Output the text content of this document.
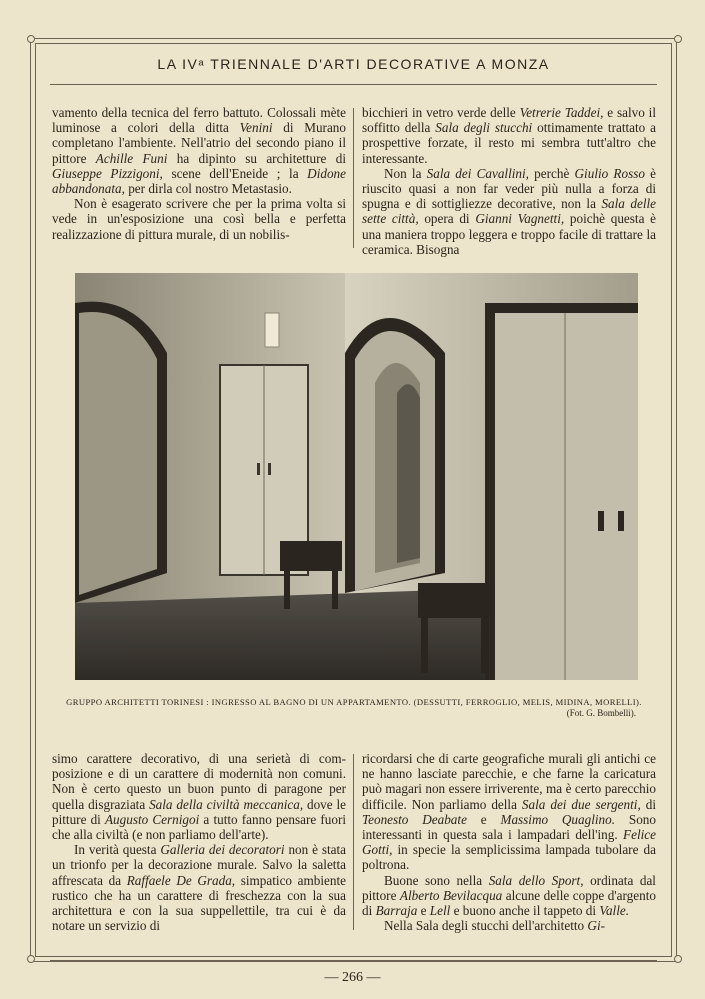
LA IVᵃ TRIENNALE D'ARTI DECORATIVE A MONZA

vamento della tecnica del ferro battuto. Colossali mète luminose a colori della ditta Venini di Murano completano l'ambiente. Nell'atrio del secondo piano il pittore Achille Funi ha dipinto su architetture di Giuseppe Pizzigoni, scene dell'Eneide ; la Didone abbandonata, per dirla col nostro Metastasio.

Non è esagerato scrivere che per la prima volta si vede in un'esposizione una così bella e perfetta realizzazione di pittura murale, di un nobilis-

bicchieri in vetro verde delle Vetrerie Taddei, e salvo il soffitto della Sala degli stucchi ottimamente trattato a prospettive forzate, il resto mi sembra tutt'altro che interessante.

Non la Sala dei Cavallini, perchè Giulio Rosso è riuscito quasi a non far veder più nulla a forza di spugna e di sottigliezze decorative, non la Sala delle sette città, opera di Gianni Vagnetti, poichè questa è una maniera troppo leggera e troppo facile di trattare la ceramica. Bisogna

GRUPPO ARCHITETTI TORINESI : INGRESSO AL BAGNO DI UN APPARTAMENTO. (DESSUTTI, FERROGLIO, MELIS, MIDINA, MORELLI).
(Fot. G. Bombelli).

simo carattere decorativo, di una serietà di composizione e di un carattere di modernità non comuni. Non è certo questo un buon punto di paragone per quella disgraziata Sala della civiltà meccanica, dove le pitture di Augusto Cernigoi a tutto fanno pensare fuori che alla civiltà (e non parliamo dell'arte).

In verità questa Galleria dei decoratori non è stata un trionfo per la decorazione murale. Salvo la saletta affrescata da Raffaele De Grada, simpatico ambiente rustico che ha un carattere di freschezza con la sua architettura e con la sua suppellettile, tra cui è da notare un servizio di

ricordarsi che di carte geografiche murali gli antichi ce ne hanno lasciate parecchie, e che farne la caricatura può magari non essere irriverente, ma è certo parecchio difficile. Non parliamo della Sala dei due sergenti, di Teonesto Deabate e Massimo Quaglino. Sono interessanti in questa sala i lampadari dell'ing. Felice Gotti, in specie la semplicissima lampada tubolare da poltrona.

Buone sono nella Sala dello Sport, ordinata dal pittore Alberto Bevilacqua alcune delle coppe d'argento di Barraja e Lell e buono anche il tappeto di Valle.

Nella Sala degli stucchi dell'architetto Gi-

— 266 —
